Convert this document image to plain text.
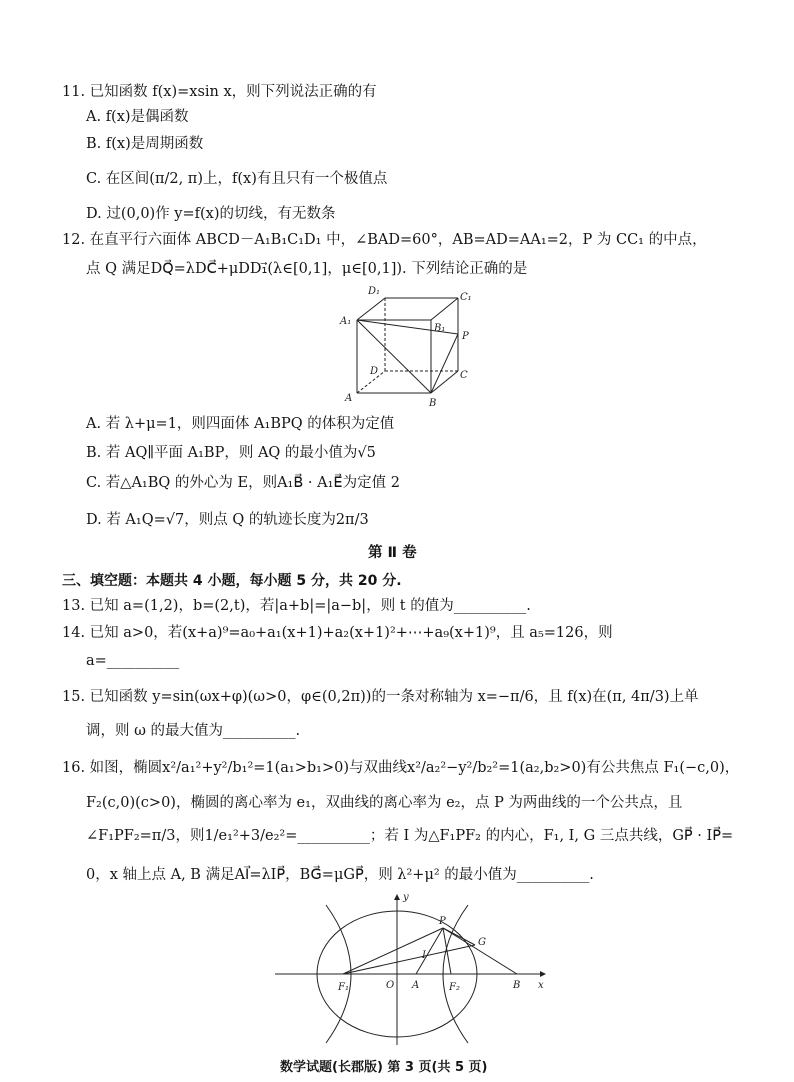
11. 已知函数 f(x)=xsin x，则下列说法正确的有
A. f(x)是偶函数
B. f(x)是周期函数
C. 在区间(π/2, π)上，f(x)有且只有一个极值点
D. 过(0,0)作 y=f(x)的切线，有无数条
12. 在直平行六面体 ABCD－A₁B₁C₁D₁ 中，∠BAD=60°，AB=AD=AA₁=2，P 为 CC₁ 的中点，
点 Q 满足DQ⃗=λDC⃗+μDD₁⃗(λ∈[0,1]，μ∈[0,1]). 下列结论正确的是
D₁
C₁
A₁
B₁
P
D	C
A	B
A. 若 λ+μ=1，则四面体 A₁BPQ 的体积为定值
B. 若 AQ∥平面 A₁BP，则 AQ 的最小值为√5
C. 若△A₁BQ 的外心为 E，则A₁B⃗ · A₁E⃗为定值 2
D. 若 A₁Q=√7，则点 Q 的轨迹长度为2π/3
第 Ⅱ 卷
三、填空题：本题共 4 小题，每小题 5 分，共 20 分.
13. 已知 a=(1,2)，b=(2,t)，若|a+b|=|a−b|，则 t 的值为__________.
14. 已知 a>0，若(x+a)⁹=a₀+a₁(x+1)+a₂(x+1)²+⋯+a₉(x+1)⁹，且 a₅=126，则
a=__________
15. 已知函数 y=sin(ωx+φ)(ω>0，φ∈(0,2π))的一条对称轴为 x=−π/6，且 f(x)在(π, 4π/3)上单
调，则 ω 的最大值为__________.
16. 如图，椭圆x²/a₁²+y²/b₁²=1(a₁>b₁>0)与双曲线x²/a₂²−y²/b₂²=1(a₂,b₂>0)有公共焦点 F₁(−c,0)，
F₂(c,0)(c>0)，椭圆的离心率为 e₁，双曲线的离心率为 e₂，点 P 为两曲线的一个公共点，且
∠F₁PF₂=π/3，则1/e₁²+3/e₂²=__________；若 I 为△F₁PF₂ 的内心，F₁, I, G 三点共线，GP⃗ · IP⃗=
0，x 轴上点 A, B 满足AI⃗=λIP⃗，BG⃗=μGP⃗，则 λ²+μ² 的最小值为__________.
y
x
P
G
I
F₁	O A	F₂	B
数学试题(长郡版) 第 3 页(共 5 页)
